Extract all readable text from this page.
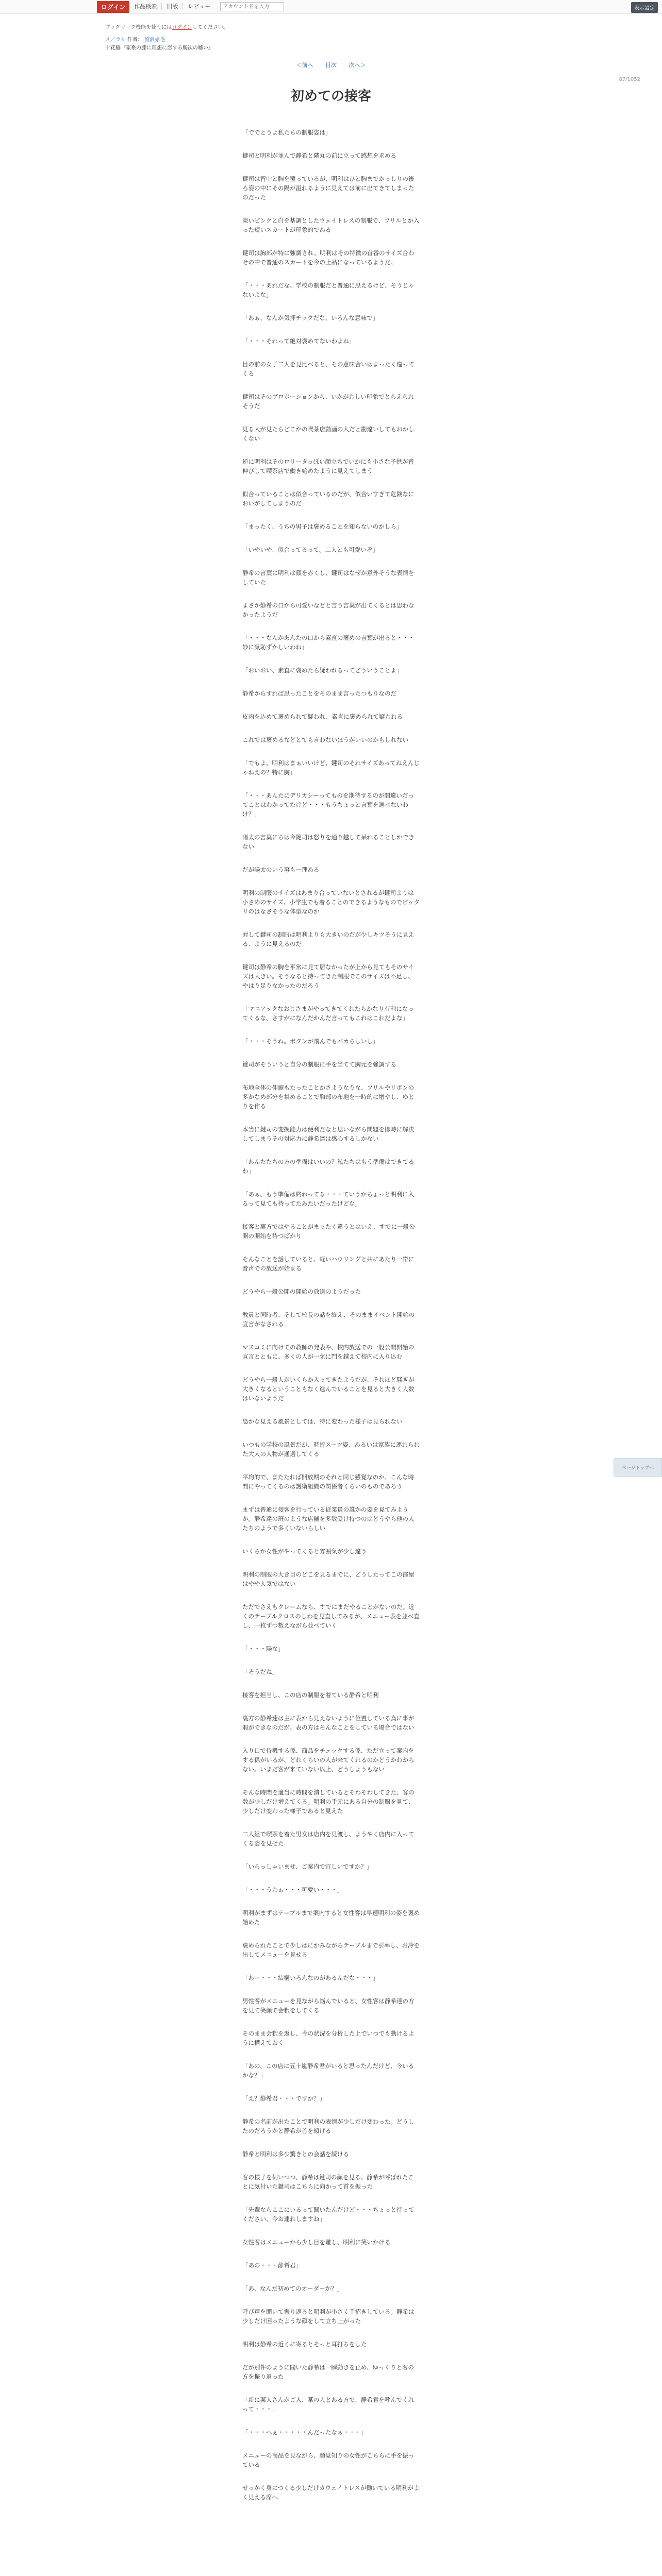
ログイン	作品検索	旧版	レビュー
アカウント名を入力	表示設定
ブックマーク機能を使うにはログインしてください。
メ／ラ3 作者： 流浪赤毛
十花脇『家系の膝に理想に恋する勝次の嘘い』
＜前へ 目次 次へ＞
87/1052
初めての接客

「ででとうよ私たちの制服姿は」

鍵司と明利が並んで静希と隣丸の前に立って感想を求める

鍵司は背中と胸を覆っているが、明利はひと胸までかっしりの後ろ姿の中にその陽が溢れるように見えては前に出てきてしまったのだった

淡いピンクと白を基調としたウェイトレスの制服で、フリルとか入った短いスカートが印象的である

鍵司は胸部が特に強調され、明利はその特徴の首番のサイズ合わせの中で普通のスカートを今の上品になっているようだ。

「・・・あれだな、学校の制服だと普通に思えるけど、そうじゃないよな」

「あぁ、なんか気押チックだな、いろんな意味で」

「・・・それって絶対褒めてないわよね」

目の前の女子二人を見比べると、その意味合いはまったく違ってくる

鍵司はそのプロポーションから、いかがわしい印象でとらえられそうだ

見る人が見たらどこかの喫茶店動画の人だと勘違いしてもおかしくない

逆に明利はそのロリータっぽい顔立ちでいかにも小さな子供が背伸びして喫茶店で働き始めたように見えてしまう

似合っていることは似合っているのだが、似合いすぎて危険なにおいがしてしまうのだ

「まったく、うちの男子は褒めることを知らないのかしら」

「いやいや、似合ってるって。二人とも可愛いぞ」

静希の言葉に明利は顔を赤くし、鍵司はなぜか意外そうな表情をしていた

まさか静希の口から可愛いなどと言う言葉が出てくるとは思わなかったようだ

「・・・なんかあんたの口から素直の褒めの言葉が出ると・・・妙に気恥ずかしいわね」

「おいおい、素直に褒めたら疑われるってどういうことよ」

静希からすれば思ったことをそのまま言ったつもりなのだ

皮肉を込めて褒められて疑われ、素直に褒められて疑われる

これでは褒めるなどとても言わないほうがいいのかもしれない

「でもよ、明利はまぁいいけど、鍵司のそれサイズあってねえんじゃねえの？特に胸」

「・・・あんたにデリカシーってものを期待するのが間違いだってことはわかってたけど・・・もうちょっと言葉を選べないわけ？」

陽太の言葉にちは今鍵司は怒りを通り越して呆れることしかできない

だが陽太のいう事も一理ある

明利の制服のサイズはあまり合っていないとされるが鍵司よりは小さめのサイズ、小学生でも着ることのできるようなものでピッタリのはなさそうな体型なのか

対して鍵司の制服は明利よりも大きいのだが少しキツそうに見える、ように見えるのだ

鍵司は静希の胸を平常に見て居なかったが上から見てもそのサイズは大きい。そうなると持ってきた制服でこのサイズは不足し、やはり足りなかったのだろう

「マニアックなおじさまがやってきてくれたらかなり有利になってくるな、さすがになんだかんだ言ってもこれはこれだよな」

「・・・そうね。ボタンが飛んでもバカらしいし」

鍵司がそういうと自分の制服に手を当てて胸元を強調する

布地全体の伸縮もたったことかさようなりな、フリルやリボンの多かなめ部分を集めることで胸部の布地を一時的に増やし、ゆとりを作る

本当に鍵司の変換能力は便利だなと思いながら問題を即時に解決してしまうその対応力に静希達は感心するしかない

「あんたたちの方の準備はいいの？私たちはもう準備はできてるわ」

「あぁ、もう準備は終わってる・・・ていうかちょっと明利に入るって見ても持ってたみたいだったけどな」

接客と裏方ではやることがまったく違うとはいえ、すでに一般公開の開始を待つばかり

そんなことを話していると、軽いハウリングと共にあたり一帯に音声での放送が始まる

どうやら一般公開の開始の放送のようだった

教員と同時者、そして校長の話を終え、そのままイベント開始の宣言がなされる

マスコミに向けての教師の発表や、校内放送での一般公開開始の宣言とともに、多くの人が一気に門を越えて校内に入り込む

どうやら一般人がいくらか入ってきたようだが、それほど騒ぎが大きくなるということもなく進んでいることを見ると大きく人数はいないようだ

恐かな見える風景としては、特に変わった様子は見られない

いつもの学校の風景だが、時折スーツ姿、あるいは家族に連れられた大人の人物が通過してくる

平均的で、またたれば開放期のそれと同じ感覚なのか、こんな時間にやってくるのは護衛組織の関係者くらいのものであろう

まずは普通に接客を行っている従業員の誰かの姿を見てみようか。静希達の班のような店舗を多数受け持つのはどうやら他の人たちのようで多くいないらしい

いくらか女性がやってくると雰囲気が少し違う

明利の制服の大き目のどこを見るまでに、どうしたってこの部屋はやや人気ではない

ただでさえもクレームなら、すでにまだやることがないのだ。近くのテーブルクロスのしわを見直してみるが、メニュー表を並べ直し、一枚ずつ数えながら並べていく

「・・・陽な」

「そうだね」

接客を担当し、この店の制服を着ている静希と明利

裏方の静希達は主に表から見えないように位置している為に事が暇ができなのだが、表の方はそんなことをしている場合ではない

入り口で待機する係、商品をチェックする係、ただ立って案内をする係がいるが、どれくらいの人が来てくれるのかどうかわからない。いまだ客が来ていない以上、どうしようもない

そんな時間を適当に時間を潰しているとそわそわしてきた、客の数が少しだけ増えてくる。明利の手元にある自分の制服を見て、少しだけ変わった様子であると見えた

二人組で喫茶を着た男女は店内を見渡し、ようやく店内に入ってくる姿を見せた

「いらっしゃいませ、ご案内で宜しいですか？」

「・・・うわぁ・・・可愛い・・・」

明利がまずはテーブルまで案内すると女性客は早速明利の姿を褒め始めた

褒められたことで少しはにかみながらテーブルまで引率し、お冷を出してメニューを見せる

「あー・・・結構いろんなのがあるんだな・・・」

男性客がメニューを見ながら悩んでいると、女性客は静希達の方を見て笑顔で会釈をしてくる

そのまま会釈を返し、今の状況を分析した上でいつでも動けるように構えておく

「あの、この店に五十嵐静希君がいると思ったんだけど、今いるかな？」

「え？静希君・・・ですか？」

静希の名前が出たことで明利の表情が少しだけ変わった。どうしたのだろうかと静希が首を傾げる

静希と明利は多少驚きとの会話を続ける

客の様子を伺いつつ、静希は鍵司の顔を見る。静希が呼ばれたことに気付いた鍵司はこちらに向かって首を振った

「先輩ならここにいるって聞いたんだけど・・・ちょっと待ってください、今お連れしますね」

女性客はメニューから少し目を離し、明利に笑いかける

「あの・・・静希君」

「あ、なんだ初めてのオーダーか？」

呼び声を聞いて振り返ると明利が小さく手招きしている。静希は少しだけ困ったような顔をして立ち上がった

明利は静希の近くに寄るとそっと耳打ちをした

だが別件のように聞いた静希は一瞬動きを止め、ゆっくりと客の方を振り返った

「新に某人さんがご入、某の人とある方で、静希君を呼んでくれって・・・」

「・・・へぇ・・・・・んだったなぁ・・・」

メニューの商品を見ながら、顔見知りの女性がこちらに手を振っている

せっかく身につくる少しだけカウェイトレスが働いている明利がよく見える席へ

ページトップへ
